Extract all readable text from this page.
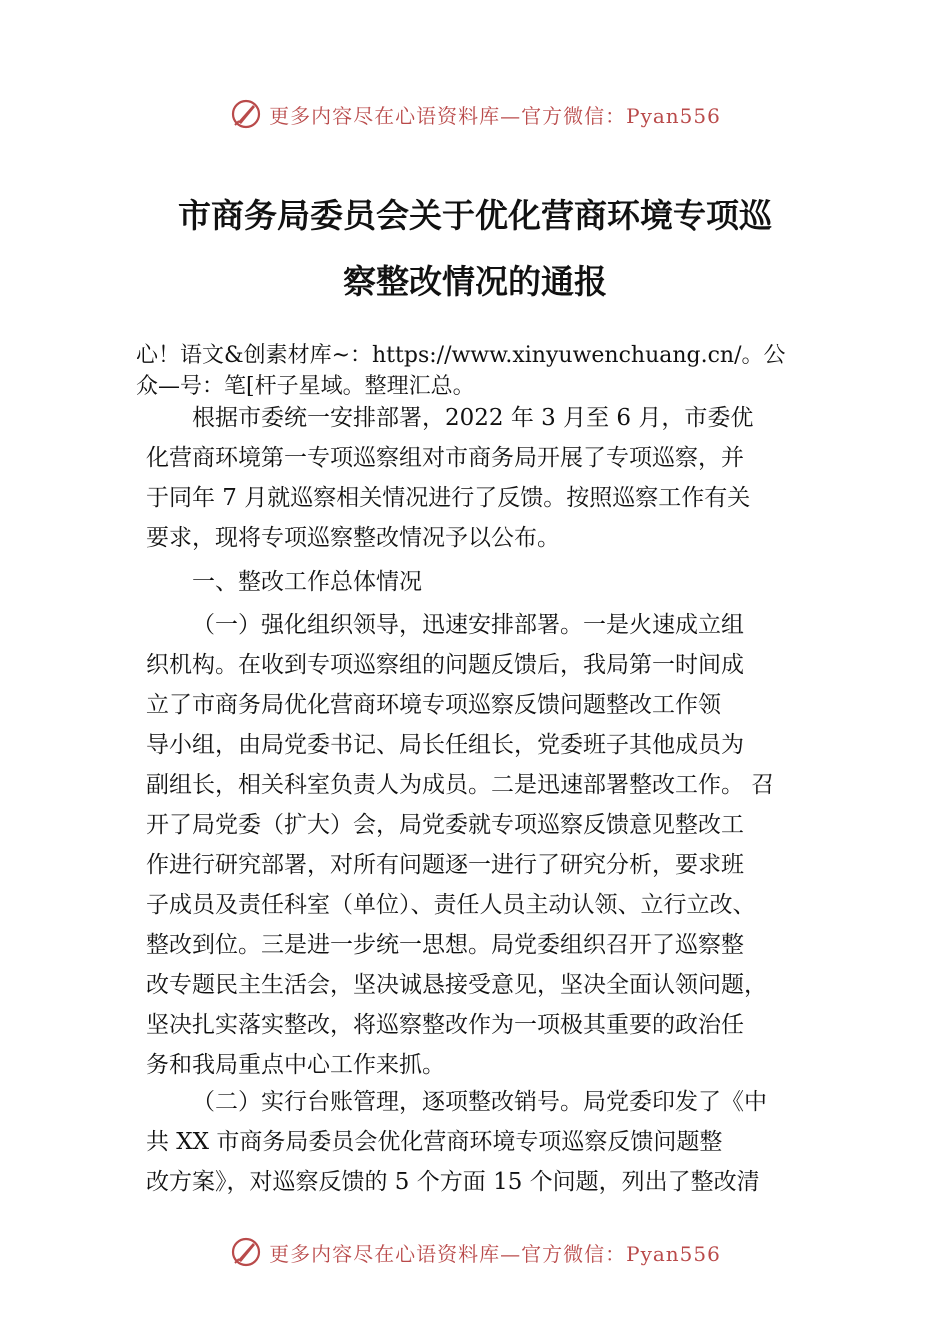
更多内容尽在心语资料库—官方微信：Pyan556
市商务局委员会关于优化营商环境专项巡
察整改情况的通报

心！语文&创素材库~：https://www.xinyuwenchuang.cn/。公
众—号：笔[杆子星域。整理汇总。

根据市委统一安排部署，2022 年 3 月至 6 月，市委优
化营商环境第一专项巡察组对市商务局开展了专项巡察，并
于同年 7 月就巡察相关情况进行了反馈。按照巡察工作有关
要求，现将专项巡察整改情况予以公布。

一、整改工作总体情况

（一）强化组织领导，迅速安排部署。一是火速成立组
织机构。在收到专项巡察组的问题反馈后，我局第一时间成
立了市商务局优化营商环境专项巡察反馈问题整改工作领
导小组，由局党委书记、局长任组长，党委班子其他成员为
副组长，相关科室负责人为成员。二是迅速部署整改工作。 召
开了局党委（扩大）会，局党委就专项巡察反馈意见整改工
作进行研究部署，对所有问题逐一进行了研究分析，要求班
子成员及责任科室（单位）、责任人员主动认领、立行立改、
整改到位。三是进一步统一思想。局党委组织召开了巡察整
改专题民主生活会，坚决诚恳接受意见，坚决全面认领问题，
坚决扎实落实整改，将巡察整改作为一项极其重要的政治任
务和我局重点中心工作来抓。

（二）实行台账管理，逐项整改销号。局党委印发了《中
共 XX 市商务局委员会优化营商环境专项巡察反馈问题整
改方案》，对巡察反馈的 5 个方面 15 个问题，列出了整改清

更多内容尽在心语资料库—官方微信：Pyan556
